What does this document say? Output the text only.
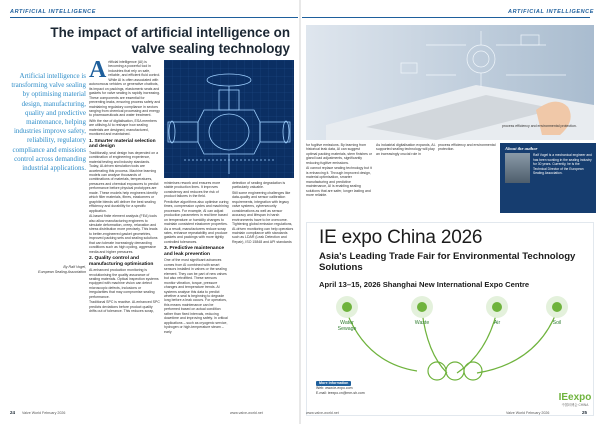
ARTIFICIAL INTELLIGENCE
The impact of artificial intelligence on
valve sealing technology
Artificial intelligence is transforming valve sealing by optimising material design, manufacturing, quality and predictive maintenance, helping industries improve safety, reliability, regulatory compliance and emissions control across demanding industrial applications.
By Ralf Vogel,
European Sealing Association

Artificial intelligence (AI) is becoming a powerful tool in industries that rely on safe, reliable, and efficient fluid control. While AI is often associated with autonomous vehicles or generative chatbots, its impact on packings, elastomeric seals and gaskets for valve sealing is rapidly increasing. These components are essential for preventing leaks, ensuring process safety and maintaining regulatory compliance in sectors ranging from chemical processing and energy to pharmaceuticals and water treatment.

With the rise of digitalisation, ESA members are utilising AI to reshape how sealing materials are designed, manufactured, monitored and maintained.

1. Smarter material selection and design

Traditionally, seal design has depended on a combination of engineering experience, material testing and industry standards. Today, AI-driven simulation tools are accelerating this process. Machine learning models can analyse thousands of combinations of materials, temperatures, pressures and chemical exposures to predict performance before physical prototypes are made. These models help engineers identify which filler materials, fibres, elastomers or graphite blends will deliver the best sealing efficiency and durability for a specific application.

AI-based finite element analysis (FEA) tools also allow manufacturing engineers to simulate deformation, creep, relaxation and stress distribution more precisely. This leads to better-engineered gasket geometries, improved packing sets and sealing solutions that can tolerate increasingly demanding conditions such as high cycling, aggressive media and higher pressures.

2. Quality control and manufacturing optimisation

AI-enhanced production monitoring is revolutionising the quality assurance of sealing materials. Optical inspection systems equipped with machine vision can detect microscopic defects, inclusions or irregularities that may compromise sealing performance.

Traditional SPC is reactive. AI-enhanced SPC predicts deviations before product quality drifts out of tolerance. This reduces scrap,

minimises rework and ensures more stable production lines. It improves consistency and reduces the risk of product failures in the field.

Predictive algorithms also optimise curing times, compression cycles and machining processes. For example, AI can adjust production parameters in real time based on temperature or humidity changes to maintain consistent elastomer properties. As a result, manufacturers reduce scrap rates, enhance repeatability and produce gaskets and packings with more tightly controlled tolerances.

3. Predictive maintenance and leak prevention

One of the most significant advances comes from AI combined with smart sensors installed in valves or the sealing element. They can be part of new valves but also retrofitted. These sensors monitor vibration, torque, pressure changes and temperature trends. AI systems analyse this data to predict whether a seal is beginning to degrade long before a leak occurs. For operators, this means maintenance can be performed based on actual condition rather than fixed intervals, reducing downtime and improving safety. In critical applications – such as cryogenic service, hydrogen or high-temperature steam – early

detection of sealing degradation is particularly valuable.

Still some engineering challenges like data-quality and sensor calibration requirements, integration with legacy valve systems, cybersecurity considerations as well as sensor accuracy and lifespan in harsh environments have to be overcome. Tightening global emission regulations, AI-driven monitoring can help operators maintain compliance with standards such as LDAR (Leak Detection and Repair), ISO 15848 and API standards

24 Valve World February 2026	www.valve-world.net
ARTIFICIAL INTELLIGENCE

for fugitive emissions. By learning from historical leak data, AI can suggest optimal packing materials, stem finishes or gland load adjustments, significantly reducing fugitive emissions.

AI cannot replace sealing technology but it is enhancing it. Through improved design, material optimisation, smarter manufacturing and predictive maintenance, AI is enabling sealing solutions that are safer, longer lasting and more reliable.

As industrial digitalisation expands, AI-supported sealing technology will play an increasingly crucial role in

process efficiency and environmental protection.

process efficiency and environmental protection.

About the author
Ralf Vogel is a mechanical engineer and has been working in the sealing industry for 30 years. Currently, he is the Technical Director of the European Sealing Association.
IE expo China 2026
Asia's Leading Trade Fair for Environmental Technology Solutions
April 13–15, 2026 Shanghai New International Expo Centre
Water
Sewage
Waste	Air	Soil
More Information
Web: www.ie-expo.com
E-mail: ieexpo.cn@mm-sh.com	IEexpo
中国环博会 CHINA
www.valve-world.net	Valve World February 2026	25
